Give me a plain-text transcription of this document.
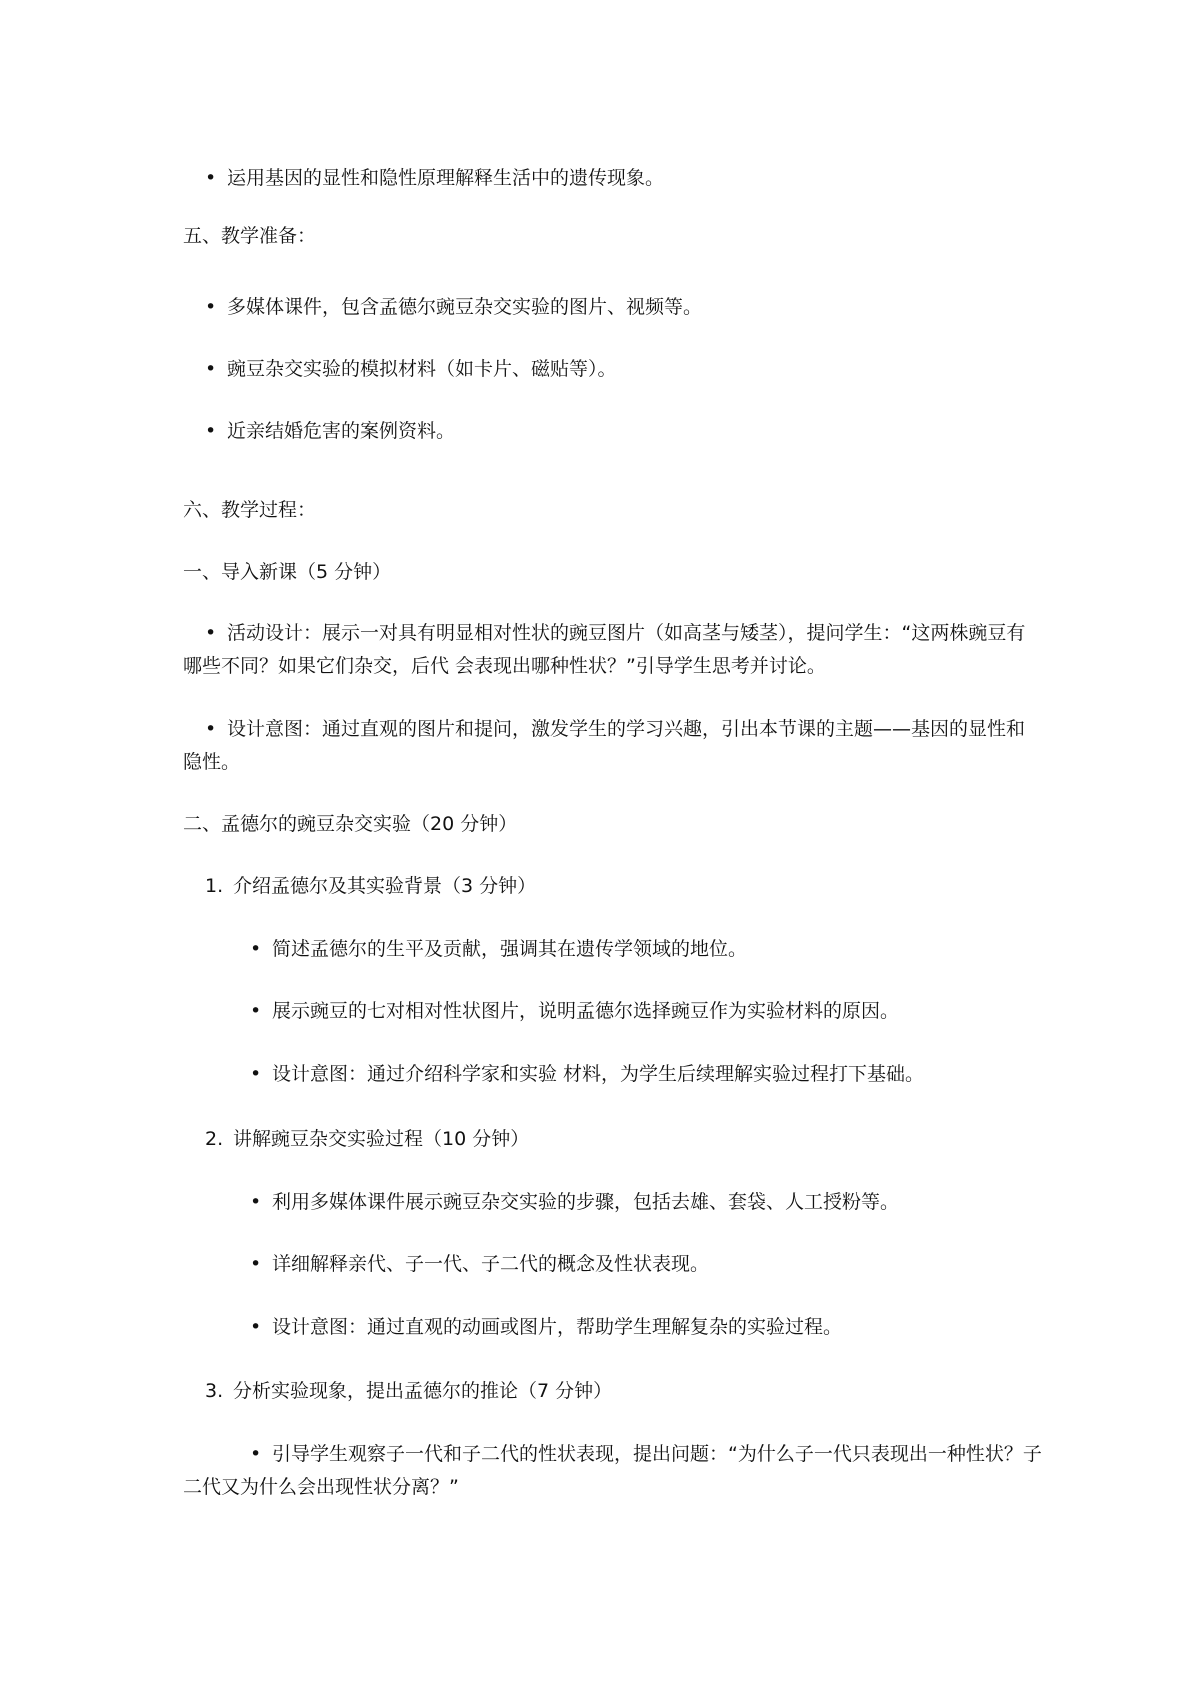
• 运用基因的显性和隐性原理解释生活中的遗传现象。
五、教学准备：
• 多媒体课件，包含孟德尔豌豆杂交实验的图片、视频等。
• 豌豆杂交实验的模拟材料（如卡片、磁贴等）。
• 近亲结婚危害的案例资料。
六、教学过程：
一、导入新课（5 分钟）
• 活动设计：展示一对具有明显相对性状的豌豆图片（如高茎与矮茎），提问学生：“这两株豌豆有哪些不同？如果它们杂交，后代 会表现出哪种性状？”引导学生思考并讨论。
• 设计意图：通过直观的图片和提问，激发学生的学习兴趣，引出本节课的主题——基因的显性和隐性。
二、孟德尔的豌豆杂交实验（20 分钟）
1. 介绍孟德尔及其实验背景（3 分钟）
• 简述孟德尔的生平及贡献，强调其在遗传学领域的地位。
• 展示豌豆的七对相对性状图片，说明孟德尔选择豌豆作为实验材料的原因。
• 设计意图：通过介绍科学家和实验 材料，为学生后续理解实验过程打下基础。
2. 讲解豌豆杂交实验过程（10 分钟）
• 利用多媒体课件展示豌豆杂交实验的步骤，包括去雄、套袋、人工授粉等。
• 详细解释亲代、子一代、子二代的概念及性状表现。
• 设计意图：通过直观的动画或图片，帮助学生理解复杂的实验过程。
3. 分析实验现象，提出孟德尔的推论（7 分钟）
• 引导学生观察子一代和子二代的性状表现，提出问题：“为什么子一代只表现出一种性状？子 二代又为什么会出现性状分离？”
